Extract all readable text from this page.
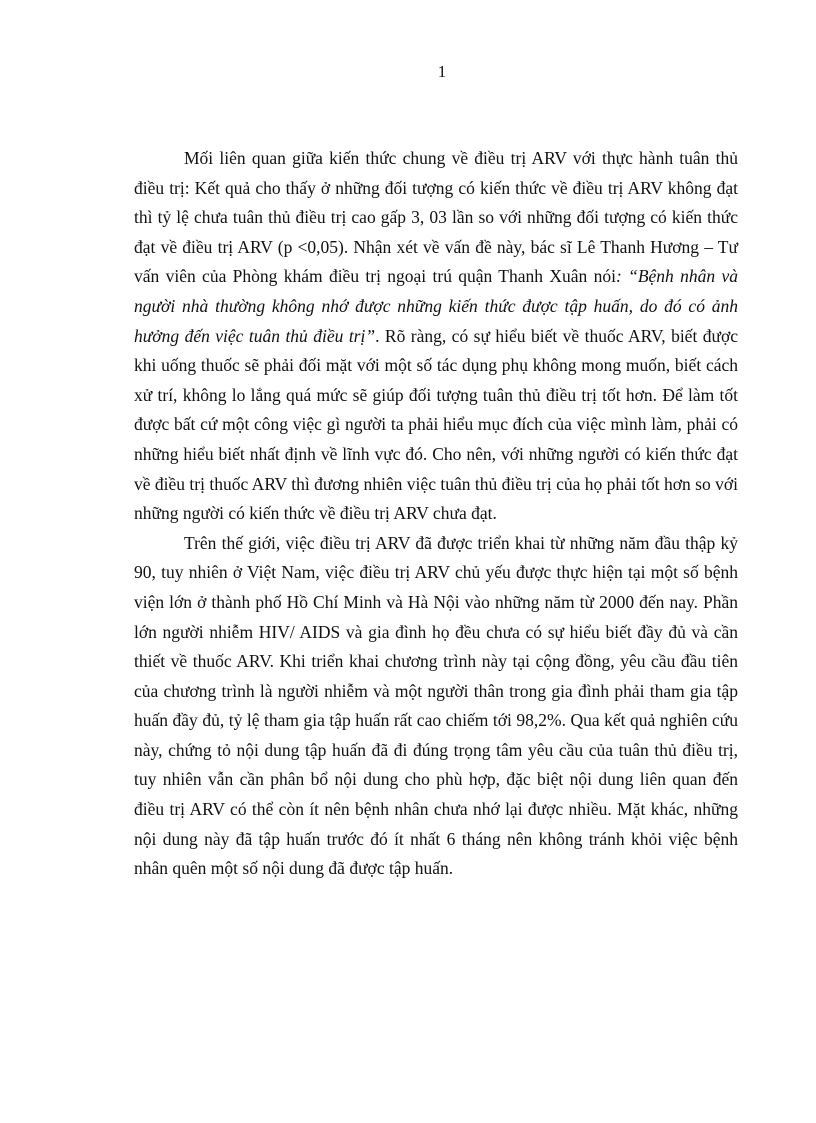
1

Mối liên quan giữa kiến thức chung về điều trị ARV với thực hành tuân thủ điều trị: Kết quả cho thấy ở những đối tượng có kiến thức về điều trị ARV không đạt thì tỷ lệ chưa tuân thủ điều trị cao gấp 3, 03 lần so với những đối tượng có kiến thức đạt về điều trị ARV (p <0,05). Nhận xét về vấn đề này, bác sĩ Lê Thanh Hương – Tư vấn viên của Phòng khám điều trị ngoại trú quận Thanh Xuân nói: “Bệnh nhân và người nhà thường không nhớ được những kiến thức được tập huấn, do đó có ảnh hưởng đến việc tuân thủ điều trị”. Rõ ràng, có sự hiểu biết về thuốc ARV, biết được khi uống thuốc sẽ phải đối mặt với một số tác dụng phụ không mong muốn, biết cách xử trí, không lo lắng quá mức sẽ giúp đối tượng tuân thủ điều trị tốt hơn. Để làm tốt được bất cứ một công việc gì người ta phải hiểu mục đích của việc mình làm, phải có những hiểu biết nhất định về lĩnh vực đó. Cho nên, với những người có kiến thức đạt về điều trị thuốc ARV thì đương nhiên việc tuân thủ điều trị của họ phải tốt hơn so với những người có kiến thức về điều trị ARV chưa đạt.

Trên thế giới, việc điều trị ARV đã được triển khai từ những năm đầu thập kỷ 90, tuy nhiên ở Việt Nam, việc điều trị ARV chủ yếu được thực hiện tại một số bệnh viện lớn ở thành phố Hồ Chí Minh và Hà Nội vào những năm từ 2000 đến nay. Phần lớn người nhiễm HIV/ AIDS và gia đình họ đều chưa có sự hiểu biết đầy đủ và cần thiết về thuốc ARV. Khi triển khai chương trình này tại cộng đồng, yêu cầu đầu tiên của chương trình là người nhiễm và một người thân trong gia đình phải tham gia tập huấn đầy đủ, tỷ lệ tham gia tập huấn rất cao chiếm tới 98,2%. Qua kết quả nghiên cứu này, chứng tỏ nội dung tập huấn đã đi đúng trọng tâm yêu cầu của tuân thủ điều trị, tuy nhiên vẫn cần phân bổ nội dung cho phù hợp, đặc biệt nội dung liên quan đến điều trị ARV có thể còn ít nên bệnh nhân chưa nhớ lại được nhiều. Mặt khác, những nội dung này đã tập huấn trước đó ít nhất 6 tháng nên không tránh khỏi việc bệnh nhân quên một số nội dung đã được tập huấn.
